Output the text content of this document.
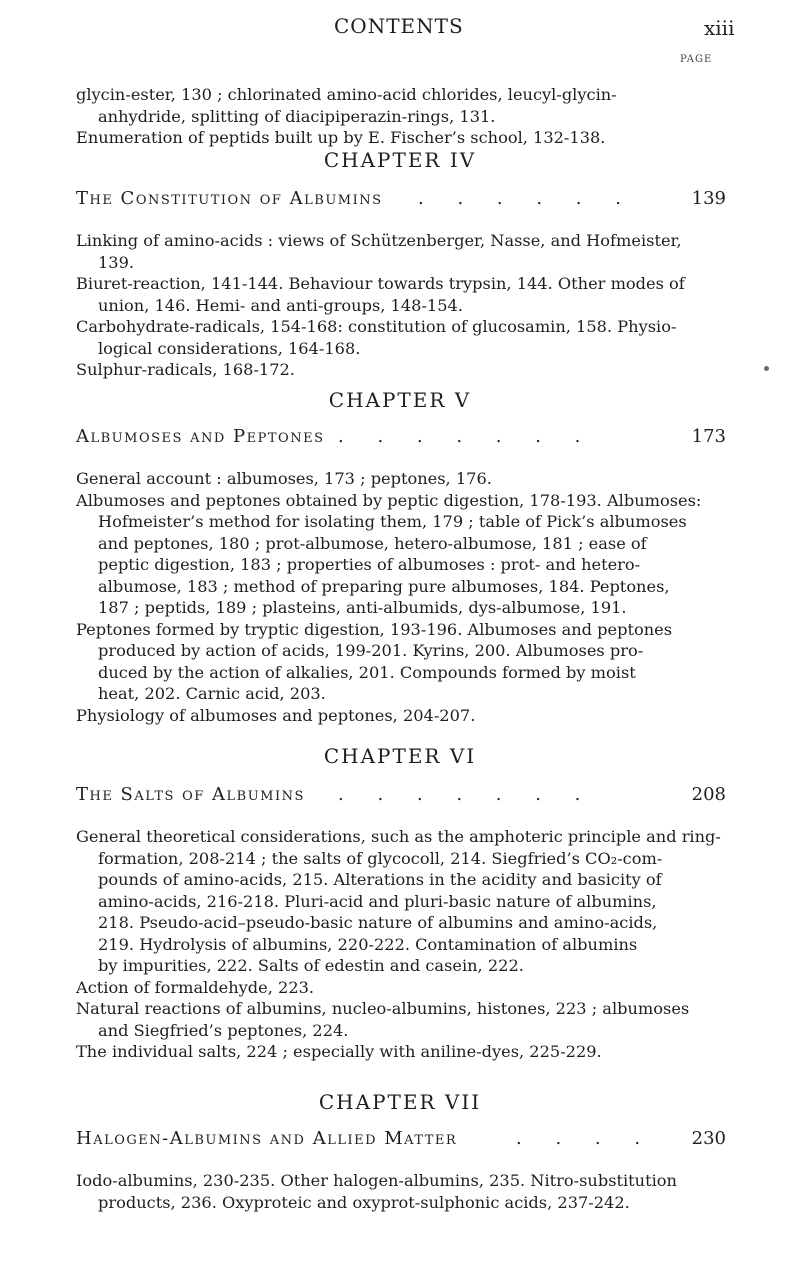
CONTENTS	xiii
PAGE
glycin-ester, 130 ; chlorinated amino-acid chlorides, leucyl-glycin-
anhydride, splitting of diacipiperazin-rings, 131.
Enumeration of peptids built up by E. Fischer’s school, 132-138.
CHAPTER IV
The Constitution of Albumins . . . . . .	139
Linking of amino-acids : views of Schützenberger, Nasse, and Hofmeister,
139.
Biuret-reaction, 141-144. Behaviour towards trypsin, 144. Other modes of
union, 146. Hemi- and anti-groups, 148-154.
Carbohydrate-radicals, 154-168: constitution of glucosamin, 158. Physio-
logical considerations, 164-168.
Sulphur-radicals, 168-172.
CHAPTER V
Albumoses and Peptones . . . . . . .	173
General account : albumoses, 173 ; peptones, 176.
Albumoses and peptones obtained by peptic digestion, 178-193. Albumoses:
Hofmeister’s method for isolating them, 179 ; table of Pick’s albumoses
and peptones, 180 ; prot-albumose, hetero-albumose, 181 ; ease of
peptic digestion, 183 ; properties of albumoses : prot- and hetero-
albumose, 183 ; method of preparing pure albumoses, 184. Peptones,
187 ; peptids, 189 ; plasteins, anti-albumids, dys-albumose, 191.
Peptones formed by tryptic digestion, 193-196. Albumoses and peptones
produced by action of acids, 199-201. Kyrins, 200. Albumoses pro-
duced by the action of alkalies, 201. Compounds formed by moist
heat, 202. Carnic acid, 203.
Physiology of albumoses and peptones, 204-207.
CHAPTER VI
The Salts of Albumins . . . . . . .	208
General theoretical considerations, such as the amphoteric principle and ring-
formation, 208-214 ; the salts of glycocoll, 214. Siegfried’s CO₂-com-
pounds of amino-acids, 215. Alterations in the acidity and basicity of
amino-acids, 216-218. Pluri-acid and pluri-basic nature of albumins,
218. Pseudo-acid–pseudo-basic nature of albumins and amino-acids,
219. Hydrolysis of albumins, 220-222. Contamination of albumins
by impurities, 222. Salts of edestin and casein, 222.
Action of formaldehyde, 223.
Natural reactions of albumins, nucleo-albumins, histones, 223 ; albumoses
and Siegfried’s peptones, 224.
The individual salts, 224 ; especially with aniline-dyes, 225-229.
CHAPTER VII
Halogen-Albumins and Allied Matter	. . . . 230
Iodo-albumins, 230-235. Other halogen-albumins, 235. Nitro-substitution
products, 236. Oxyproteic and oxyprot-sulphonic acids, 237-242.
